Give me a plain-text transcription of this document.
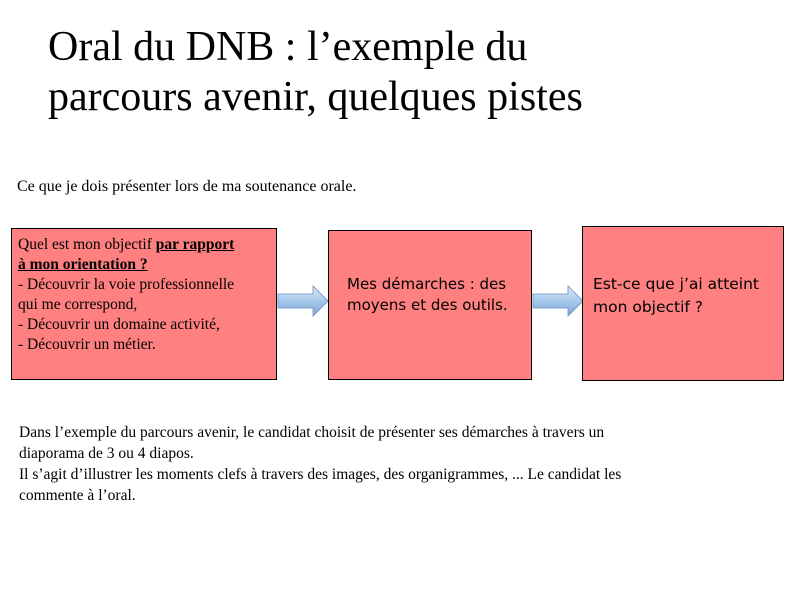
Oral du DNB : l’exemple du
parcours avenir, quelques pistes
Ce que je dois présenter lors de ma soutenance orale.
Quel est mon objectif par rapport
à mon orientation ?
- Découvrir la voie professionnelle
qui me correspond,
- Découvrir un domaine activité,
- Découvrir un métier.
Mes démarches : des
moyens et des outils.
Est-ce que j’ai atteint
mon objectif ?
Dans l’exemple du parcours avenir, le candidat choisit de présenter ses démarches à travers un
diaporama de 3 ou 4 diapos.
Il s’agit d’illustrer les moments clefs à travers des images, des organigrammes, ... Le candidat les
commente à l’oral.
